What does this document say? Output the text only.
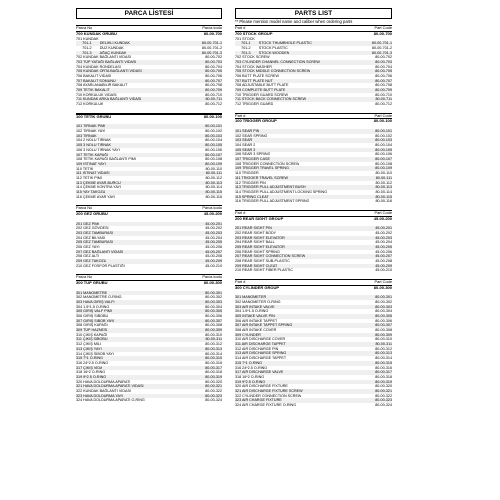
PARCA LİSTESİ
Parca No	Parca kodu
700 KUNDAK GRUBU	80-00-700
701 KUNDAK
701-1        DELİKLİ KUNDAK	80-00-701-1
701-2        DÜZ KUNDAK	80-00-701-2
701-3        AĞAÇ KUNDAK	80-00-701-3
702 KUNDAK BAĞLANTI VİDASI	80-00-702
703 TÜP YATAĞI BAĞLANTI VİDASI	80-00-703
704 KUNDAK RONDELASI	80-00-704
705 KUNDAK ORTA BAĞLANTI VİDASI	80-00-705
706 BAKALİT VİDASI	80-00-706
707 BAKALİT SOMUNU	80-00-707
708 AYARLANABİLİR BAKALİT	80-00-708
709 TETİK BAKALİT	80-00-709
710 KORKULUK VİDASI	80-00-710
711 KUNDAK ARKA BAĞLANTI VİDASI	80-00-711
712 KORKULUK	80-00-712
100 TETİK GRUBU	80-00-100
101 TIRNAK PİMİ	80-00-101
102 TIRNAK YAYI	80-00-102
103 TIRNAK	80-00-103
104 2 NOLU TIRNAK	80-00-104
105 3 NOLU TIRNAK	80-00-105
106 3 NOLU TIRNAK YAYI	80-00-106
107 TETİK KAPAĞI	80-00-107
108 TETİK KAPAĞI BAĞLANTI PİMİ	80-00-108
109 İSTİNAT YAYI	80-00-109
110 TETİK	80-00-110
111 İSTİNAT VİDASI	80-00-111
112 TETİK PİMİ	80-00-112
113 ÇEKME AYAR-BURCU	80-00-113
114 ÇEKME KONTRA YAYI	80-00-114
115 YAY TAKOZU	80-00-115
116 ÇEKME AYAR YAYI	80-00-116
Parca No	Parca kodu
200 GEZ GRUBU	45-00-200
201 GEZ PİMİ	45-00-201
202 GEZ GÖVDESİ	45-00-202
203 GEZ TAMBURASI	45-00-203
204 GEZ BİLYASI	45-00-204
205 GEZ TAMBURASI	45-00-205
206 GEZ YAYI	45-00-206
207 GEZ BAĞLANTI VİDASI	45-00-207
208 GEZ ALTI	45-00-208
209 GEZ TAKOZU	45-00-209
210 GEZ FOSFOR PLASTİĞİ	45-00-210
Parca No	Parca kodu
300 TÜP GRUBU	80-00-300
301 MANOMETRE	80-00-301
302 MANOMETRE O-RİNG	80-00-302
303 HAVA GİRİŞ VALFİ	80-00-303
304 1.5*1.5 O-RİNG	80-00-304
305 GİRİŞ VALF PİMİ	80-00-305
306 GİRİŞ SİBOBU	80-00-306
307 GİRİŞ SİBOB YAYI	80-00-307
308 GİRİŞ KAPAĞI	80-00-308
309 TÜP HAZNESİ	80-00-309
310 ÇIKIŞ KAPAĞI	80-00-310
311 ÇIKIŞ SİBOBU	80-00-311
312 ÇIKIŞ MİLİ	80-00-312
313 ÇIKIŞ YAYI	80-00-313
314 ÇIKIŞ SİBOB YAYI	80-00-314
315 7*1 O-RİNG	80-00-315
316 24*2.5 O-RİNG	80-00-316
317 ÇIKIŞ VİDA	80-00-317
318 16*2 O-RİNG	80-00-318
319 9*2.5 O-RİNG	80-00-319
320 HAVA DOLDURMA APARATI	80-00-320
321 HAVA DOLDURMA APARATI VİDASI	80-00-321
322 KUNDAK BAĞLANTI VİDASI	80-00-322
323 HAVA DOLDURMA YAYI	80-00-323
324 HAVA DOLDURMA APARATI O-RİNG	80-00-324
PARTS LIST
** Please mention model name and caliber when ordering parts
Part #	Part Code
700 STOCK GROUP	80-00-700
701 STOCK
701-1        STOCK THUMBHOLE PLASTIC	80-00-701-1
701-2        STOCK PLASTIC	80-00-701-2
701-3        STOCK WOODEN	80-00-701-3
702 STOCK SCREW	80-00-702
703 CYLINDER CHANNEL CONNECTION SCREW	80-00-703
704 STOCK WASHER	80-00-704
705 STOCK MIDDLE CONNECTION SCREW	80-00-705
706 BUTT PLATE SCREW	80-00-706
707 BUTT PLATE NUT	80-00-707
708 ADJUSTABLE BUTT PLATE	80-00-708
709 COMPLETE BUTT PLATE	80-00-709
710 TRIGGER GUARD SCREW	80-00-710
711 STOCK BACK CONNECTION SCREW	80-00-711
712 TRIGGER GUARD	80-00-712
Part #	Part Code
100 TRIGGER GROUP	80-00-100
101 SEAR PIN	80-00-101
102 SEAR SPRING	80-00-102
103 SEAR	80-00-103
104 SEAR 2	80-00-104
105 SEAR 3	80-00-105
106 SEAR 3 SPRING	80-00-106
107 TRIGGER CASE	80-00-107
108 TRIGGER CONNECTION SCREW	80-00-108
109 TRIGGER TRAVEL SPRING	80-00-109
110 TRIGGER	80-00-110
111 TRIGGER TRAVEL SCREW	80-00-111
112 TRIGGER PIN	80-00-112
113 TRIGGER PULL ADJUSTMENT BUSH	80-00-113
114 TRIGGER PULL ADJUSTMENT LOCKING SPRING	80-00-114
115 SPRING CLEAT	80-00-115
116 TRIGGER PULL ADJUSTMENT SPRING	80-00-116
Part #	Part Code
200 REAR SIGHT GROUP	45-00-200
201 REAR SIGHT PIN	45-00-201
202 REAR SIGHT BODY	45-00-202
203 REAR SIGHT ELEVATOR	45-00-203
204 REAR SIGHT BALL	45-00-204
205 REAR SIGHT ELEVATOR	45-00-205
206 REAR SIGHT SPRING	45-00-206
207 REAR SIGHT CONNECTION SCREW	45-00-207
208 REAR SIGHT SUB-PLASTIC	45-00-208
209 REAR SIGHT CLEAT	45-00-209
210 REAR SIGHT FIBER PLASTIC	45-00-210
Part #	Part Code
300 CYLINDER GROUP	80-00-300
301 MANOMETER	80-00-301
302 MANOMETER O-RING	80-00-302
303 AIR INTAKE VALVE	80-00-303
304 1.5*1.5 O-RING	80-00-304
305 INTAKE VALVE PIN	80-00-305
306 AIR INTAKE TAPPET	80-00-306
307 AIR INTAKE TAPPET SPRING	80-00-307
308 AIR INTAKE COVER	80-00-308
309 CYLINDER	80-00-309
310 AIR DISCHARGE COVER	80-00-310
311 AIR DISCHARGE TAPPET	80-00-311
312 AIR DISCHARGE PIN	80-00-312
313 AIR DISCHARGE SPRING	80-00-313
314 AIR DISCHARGE TAPPET	80-00-314
315 7*1 O-RING	80-00-315
316 24*2.5 O-RING	80-00-316
317 AIR DISCHARGE VALVE	80-00-317
318 16*2 O-RING	80-00-318
319 9*2.5 O-RING	80-00-319
320 AIR DISCHARGE FIXTURE	80-00-320
321 AIR DISCHARGE FIXTURE SCREW	80-00-321
322 CYLINDER CONNECTION SCREW	80-00-322
323 AIR CHARGE FIXTURE	80-00-323
324 AIR CHARGE FIXTURE O-RING	80-00-324
